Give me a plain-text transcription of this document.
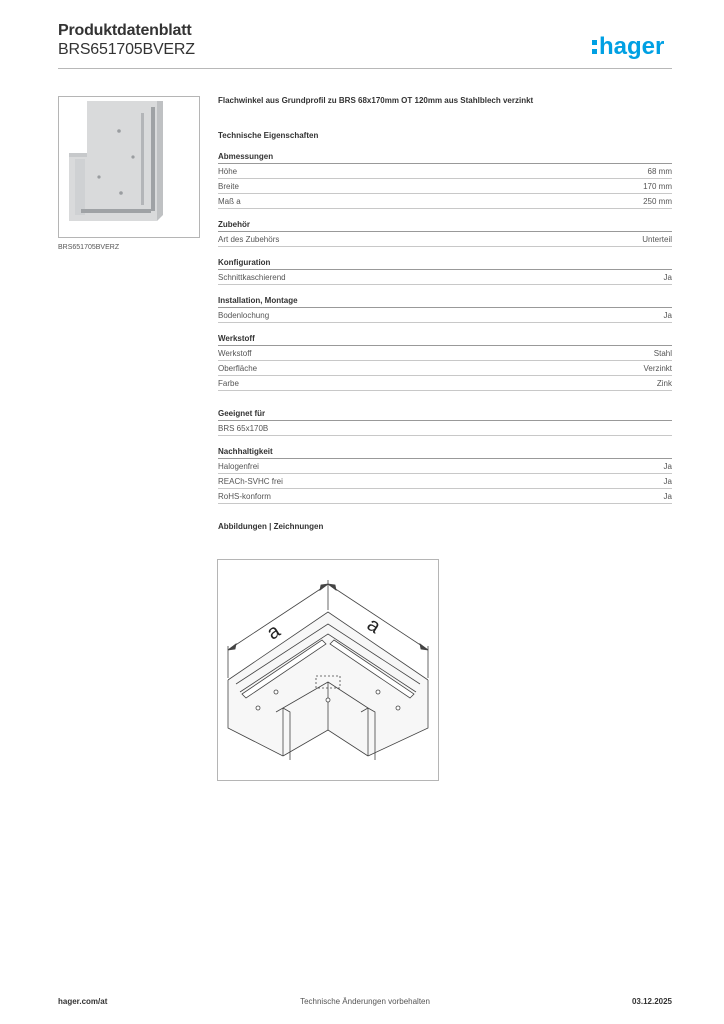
Produktdatenblatt
BRS651705BVERZ	hager
BRS651705BVERZ
Flachwinkel aus Grundprofil zu BRS 68x170mm OT 120mm aus Stahlblech verzinkt
Technische Eigenschaften
Abmessungen
Höhe	68 mm
Breite	170 mm
Maß a	250 mm
Zubehör
Art des Zubehörs	Unterteil
Konfiguration
Schnittkaschierend	Ja
Installation, Montage
Bodenlochung	Ja
Werkstoff
Werkstoff	Stahl
Oberfläche	Verzinkt
Farbe	Zink
Geeignet für
BRS 65x170B
Nachhaltigkeit
Halogenfrei	Ja
REACh-SVHC frei	Ja
RoHS-konform	Ja
Abbildungen | Zeichnungen
a	a
hager.com/at	Technische Änderungen vorbehalten	03.12.2025
